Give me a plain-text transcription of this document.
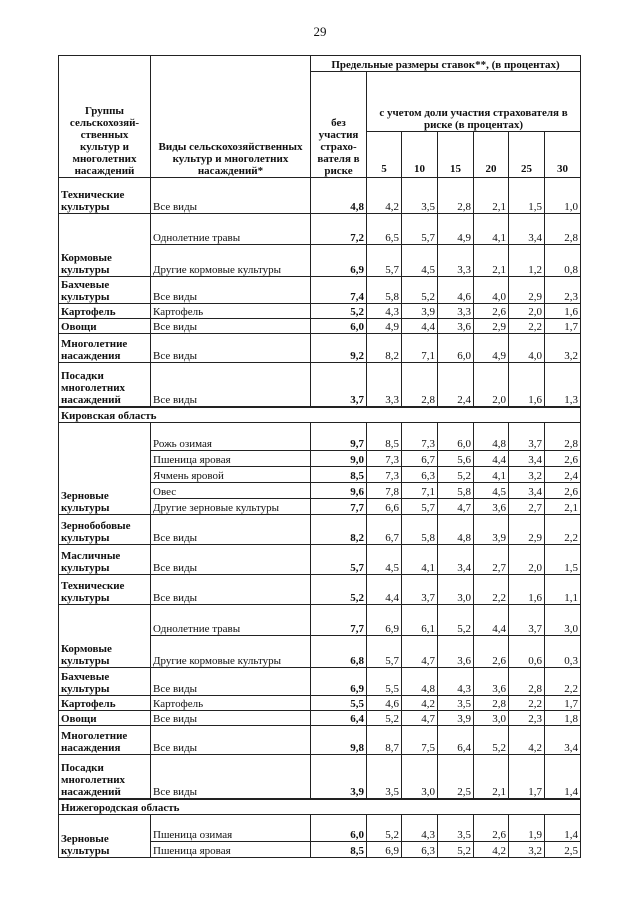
29
Группы сельскохозяй-ственных культур и многолетних насаждений	Виды сельскохозяйственных культур и многолетних насаждений*	Предельные размеры ставок**, (в процентах)						
		без участия страхо-вателя в риске	с учетом доли участия страхователя в риске (в процентах)					
			5	10	15	20	25	30
Технические культуры	Все виды	4,8	4,2	3,5	2,8	2,1	1,5	1,0
Кормовые культуры	Однолетние травы	7,2	6,5	5,7	4,9	4,1	3,4	2,8
	Другие кормовые культуры	6,9	5,7	4,5	3,3	2,1	1,2	0,8
Бахчевые культуры	Все виды	7,4	5,8	5,2	4,6	4,0	2,9	2,3
Картофель	Картофель	5,2	4,3	3,9	3,3	2,6	2,0	1,6
Овощи	Все виды	6,0	4,9	4,4	3,6	2,9	2,2	1,7
Многолетние насаждения	Все виды	9,2	8,2	7,1	6,0	4,9	4,0	3,2
Посадки многолетних насаждений	Все виды	3,7	3,3	2,8	2,4	2,0	1,6	1,3
Кировская область								
Зерновые культуры	Рожь озимая	9,7	8,5	7,3	6,0	4,8	3,7	2,8
	Пшеница яровая	9,0	7,3	6,7	5,6	4,4	3,4	2,6
	Ячмень яровой	8,5	7,3	6,3	5,2	4,1	3,2	2,4
	Овес	9,6	7,8	7,1	5,8	4,5	3,4	2,6
	Другие зерновые культуры	7,7	6,6	5,7	4,7	3,6	2,7	2,1
Зернобобовые культуры	Все виды	8,2	6,7	5,8	4,8	3,9	2,9	2,2
Масличные культуры	Все виды	5,7	4,5	4,1	3,4	2,7	2,0	1,5
Технические культуры	Все виды	5,2	4,4	3,7	3,0	2,2	1,6	1,1
Кормовые культуры	Однолетние травы	7,7	6,9	6,1	5,2	4,4	3,7	3,0
	Другие кормовые культуры	6,8	5,7	4,7	3,6	2,6	0,6	0,3
Бахчевые культуры	Все виды	6,9	5,5	4,8	4,3	3,6	2,8	2,2
Картофель	Картофель	5,5	4,6	4,2	3,5	2,8	2,2	1,7
Овощи	Все виды	6,4	5,2	4,7	3,9	3,0	2,3	1,8
Многолетние насаждения	Все виды	9,8	8,7	7,5	6,4	5,2	4,2	3,4
Посадки многолетних насаждений	Все виды	3,9	3,5	3,0	2,5	2,1	1,7	1,4
Нижегородская область								
Зерновые культуры	Пшеница озимая	6,0	5,2	4,3	3,5	2,6	1,9	1,4
	Пшеница яровая	8,5	6,9	6,3	5,2	4,2	3,2	2,5
